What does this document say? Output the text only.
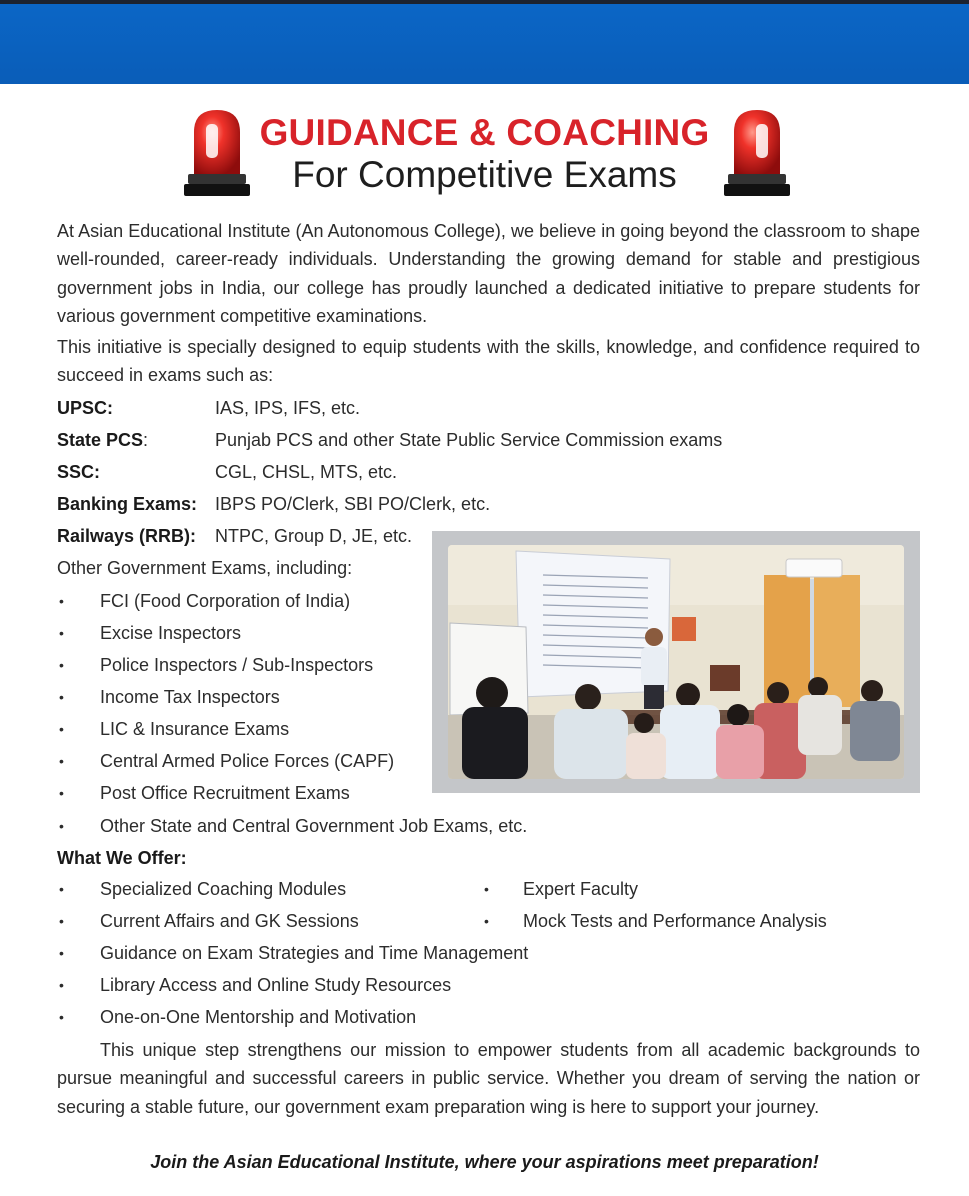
GUIDANCE & COACHING
For Competitive Exams
At Asian Educational Institute (An Autonomous College), we believe in going beyond the classroom to shape well-rounded, career-ready individuals. Understanding the growing demand for stable and prestigious government jobs in India, our college has proudly launched a dedicated initiative to prepare students for various government competitive examinations.
This initiative is specially designed to equip students with the skills, knowledge, and confidence required to succeed in exams such as:
UPSC:	IAS, IPS, IFS, etc.
State PCS:	Punjab PCS and other State Public Service Commission exams
SSC:	CGL, CHSL, MTS, etc.
Banking Exams: IBPS PO/Clerk, SBI PO/Clerk, etc.
Railways (RRB): NTPC, Group D, JE, etc.
Other Government Exams, including:
• FCI (Food Corporation of India)
• Excise Inspectors
• Police Inspectors / Sub-Inspectors
• Income Tax Inspectors
• LIC & Insurance Exams
• Central Armed Police Forces (CAPF)
• Post Office Recruitment Exams
• Other State and Central Government Job Exams, etc.
What We Offer:
• Specialized Coaching Modules
• Current Affairs and GK Sessions
• Guidance on Exam Strategies and Time Management
• Library Access and Online Study Resources
• One-on-One Mentorship and Motivation
• Expert Faculty
• Mock Tests and Performance Analysis
This unique step strengthens our mission to empower students from all academic backgrounds to pursue meaningful and successful careers in public service. Whether you dream of serving the nation or securing a stable future, our government exam preparation wing is here to support your journey.
Join the Asian Educational Institute, where your aspirations meet preparation!
